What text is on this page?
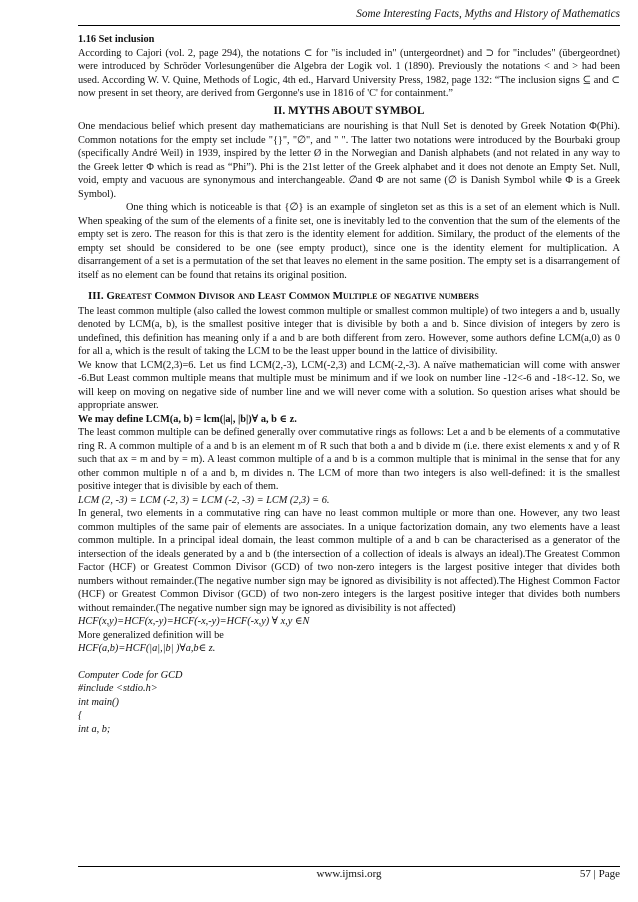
Some Interesting Facts, Myths and History of Mathematics

1.16 Set inclusion

According to Cajori (vol. 2, page 294), the notations ⊂ for "is included in" (untergeordnet) and ⊃ for "includes" (übergeordnet) were introduced by Schröder Vorlesungenüber die Algebra der Logik vol. 1 (1890). Previously the notations < and > had been used. According W. V. Quine, Methods of Logic, 4th ed., Harvard University Press, 1982, page 132: “The inclusion signs ⊆ and ⊂ now present in set theory, are derived from Gergonne's use in 1816 of 'C' for containment.”

II. MYTHS ABOUT SYMBOL

One mendacious belief which present day mathematicians are nourishing is that Null Set is denoted by Greek Notation Φ(Phi). Common notations for the empty set include "{}", "∅", and " ". The latter two notations were introduced by the Bourbaki group (specifically André Weil) in 1939, inspired by the letter Ø in the Norwegian and Danish alphabets (and not related in any way to the Greek letter Φ which is read as “Phi”). Phi is the 21st letter of the Greek alphabet and it does not denote an Empty Set. Null, void, empty and vacuous are synonymous and interchangeable. ∅and Φ are not same (∅ is Danish Symbol while Φ is a Greek Symbol).

One thing which is noticeable is that {∅} is an example of singleton set as this is a set of an element which is Null. When speaking of the sum of the elements of a finite set, one is inevitably led to the convention that the sum of the elements of the empty set is zero. The reason for this is that zero is the identity element for addition. Similary, the product of the elements of the empty set should be considered to be one (see empty product), since one is the identity element for multiplication. A disarrangement of a set is a permutation of the set that leaves no element in the same position. The empty set is a disarrangement of itself as no element can be found that retains its original position.

III. Greatest Common Divisor and Least Common Multiple of negative numbers

The least common multiple (also called the lowest common multiple or smallest common multiple) of two integers a and b, usually denoted by LCM(a, b), is the smallest positive integer that is divisible by both a and b. Since division of integers by zero is undefined, this definition has meaning only if a and b are both different from zero. However, some authors define LCM(a,0) as 0 for all a, which is the result of taking the LCM to be the least upper bound in the lattice of divisibility.

We know that LCM(2,3)=6. Let us find LCM(2,-3), LCM(-2,3) and LCM(-2,-3). A naïve mathematician will come with answer -6.But Least common multiple means that multiple must be minimum and if we look on number line -12<-6 and -18<-12. So, we will keep on moving on negative side of number line and we will never come with a solution. So question arises what should be appropriate answer.

We may define LCM(a, b) = lcm(|a|, |b|)∀ a, b ∈ z.

The least common multiple can be defined generally over commutative rings as follows: Let a and b be elements of a commutative ring R. A common multiple of a and b is an element m of R such that both a and b divide m (i.e. there exist elements x and y of R such that ax = m and by = m). A least common multiple of a and b is a common multiple that is minimal in the sense that for any other common multiple n of a and b, m divides n. The LCM of more than two integers is also well-defined: it is the smallest positive integer that is divisible by each of them.

LCM (2, -3) = LCM (-2, 3) = LCM (-2, -3) = LCM (2,3) = 6.

In general, two elements in a commutative ring can have no least common multiple or more than one. However, any two least common multiples of the same pair of elements are associates. In a unique factorization domain, any two elements have a least common multiple. In a principal ideal domain, the least common multiple of a and b can be characterised as a generator of the intersection of the ideals generated by a and b (the intersection of a collection of ideals is always an ideal).The Greatest Common Factor (HCF) or Greatest Common Divisor (GCD) of two non-zero integers is the largest positive integer that divides both numbers without remainder.(The negative number sign may be ignored as divisibility is not affected).The Highest Common Factor (HCF) or Greatest Common Divisor (GCD) of two non-zero integers is the largest positive integer that divides both numbers without remainder.(The negative number sign may be ignored as divisibility is not affected)

HCF(x,y)=HCF(x,-y)=HCF(-x,-y)=HCF(-x,y) ∀ x,y ∈N

More generalized definition will be

HCF(a,b)=HCF(|a|,|b| )∀a,b∈ z.

Computer Code for GCD

#include <stdio.h>

int main()

{

int a, b;

www.ijmsi.org	57 | Page
